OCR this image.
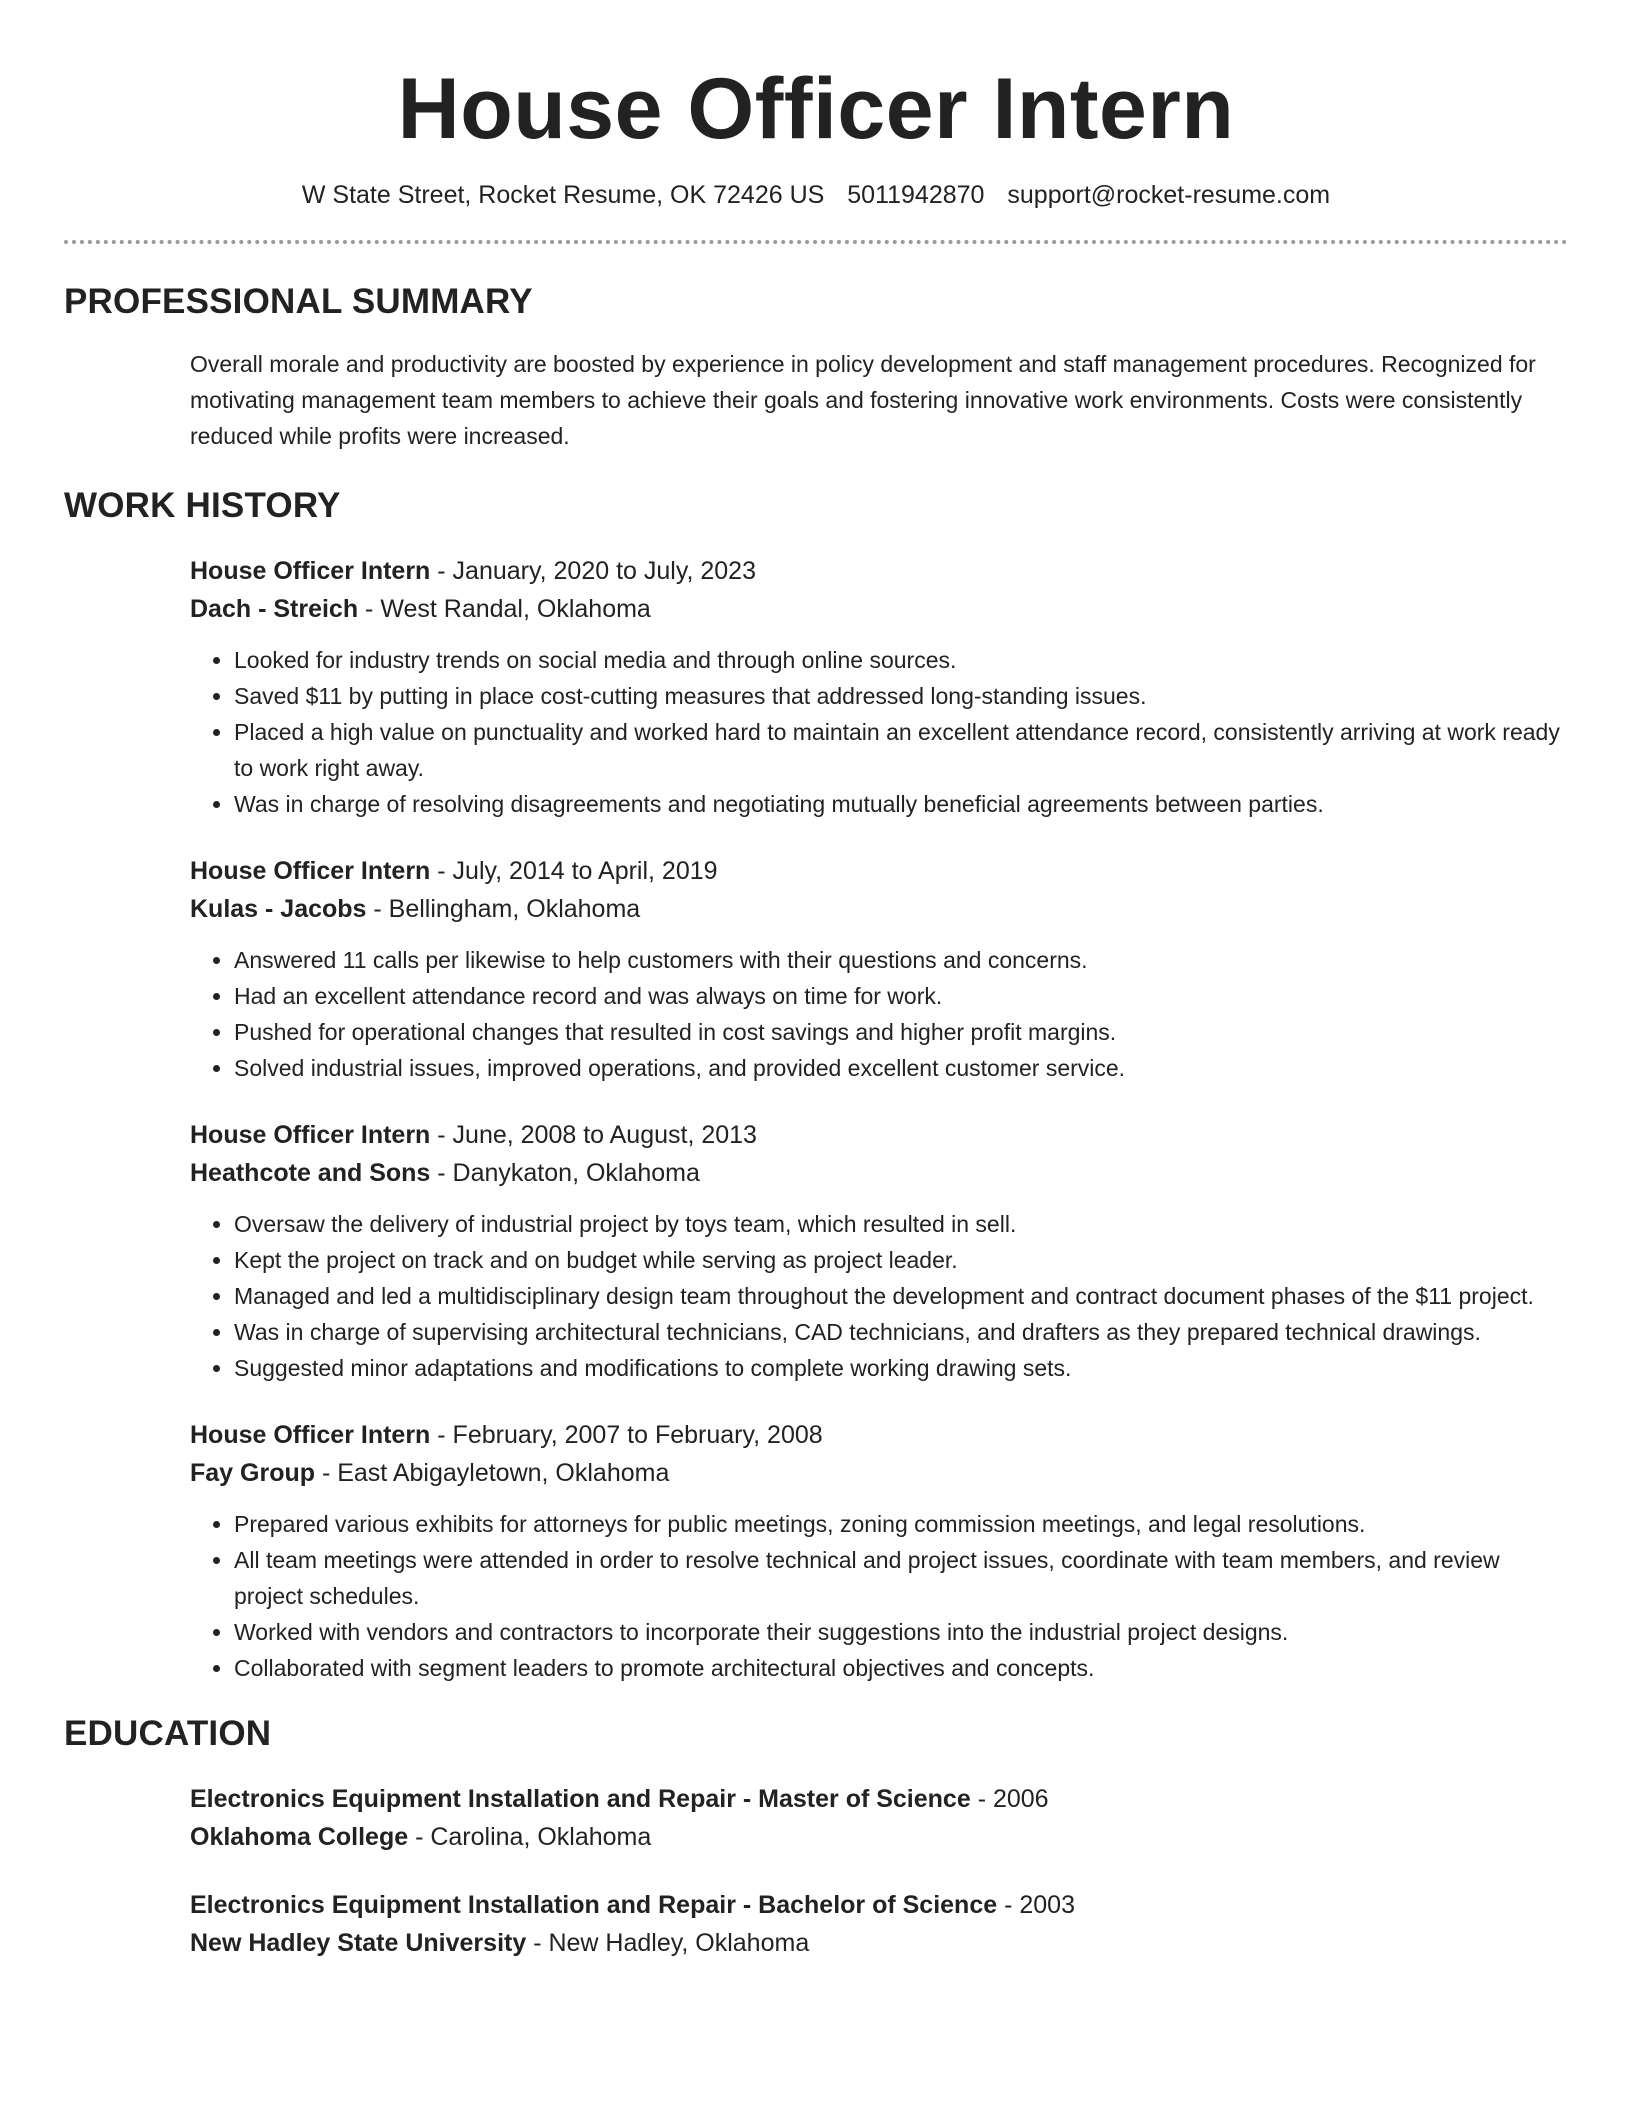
House Officer Intern
W State Street, Rocket Resume, OK 72426 US 5011942870 support@rocket-resume.com
PROFESSIONAL SUMMARY

Overall morale and productivity are boosted by experience in policy development and staff management procedures. Recognized for motivating management team members to achieve their goals and fostering innovative work environments. Costs were consistently reduced while profits were increased.

WORK HISTORY
House Officer Intern - January, 2020 to July, 2023
Dach - Streich - West Randal, Oklahoma
• Looked for industry trends on social media and through online sources.
• Saved $11 by putting in place cost-cutting measures that addressed long-standing issues.
• Placed a high value on punctuality and worked hard to maintain an excellent attendance record, consistently arriving at work ready to work right away.
• Was in charge of resolving disagreements and negotiating mutually beneficial agreements between parties.
House Officer Intern - July, 2014 to April, 2019
Kulas - Jacobs - Bellingham, Oklahoma
• Answered 11 calls per likewise to help customers with their questions and concerns.
• Had an excellent attendance record and was always on time for work.
• Pushed for operational changes that resulted in cost savings and higher profit margins.
• Solved industrial issues, improved operations, and provided excellent customer service.
House Officer Intern - June, 2008 to August, 2013
Heathcote and Sons - Danykaton, Oklahoma
• Oversaw the delivery of industrial project by toys team, which resulted in sell.
• Kept the project on track and on budget while serving as project leader.
• Managed and led a multidisciplinary design team throughout the development and contract document phases of the $11 project.
• Was in charge of supervising architectural technicians, CAD technicians, and drafters as they prepared technical drawings.
• Suggested minor adaptations and modifications to complete working drawing sets.
House Officer Intern - February, 2007 to February, 2008
Fay Group - East Abigayletown, Oklahoma
• Prepared various exhibits for attorneys for public meetings, zoning commission meetings, and legal resolutions.
• All team meetings were attended in order to resolve technical and project issues, coordinate with team members, and review project schedules.
• Worked with vendors and contractors to incorporate their suggestions into the industrial project designs.
• Collaborated with segment leaders to promote architectural objectives and concepts.
EDUCATION
Electronics Equipment Installation and Repair - Master of Science - 2006
Oklahoma College - Carolina, Oklahoma
Electronics Equipment Installation and Repair - Bachelor of Science - 2003
New Hadley State University - New Hadley, Oklahoma
